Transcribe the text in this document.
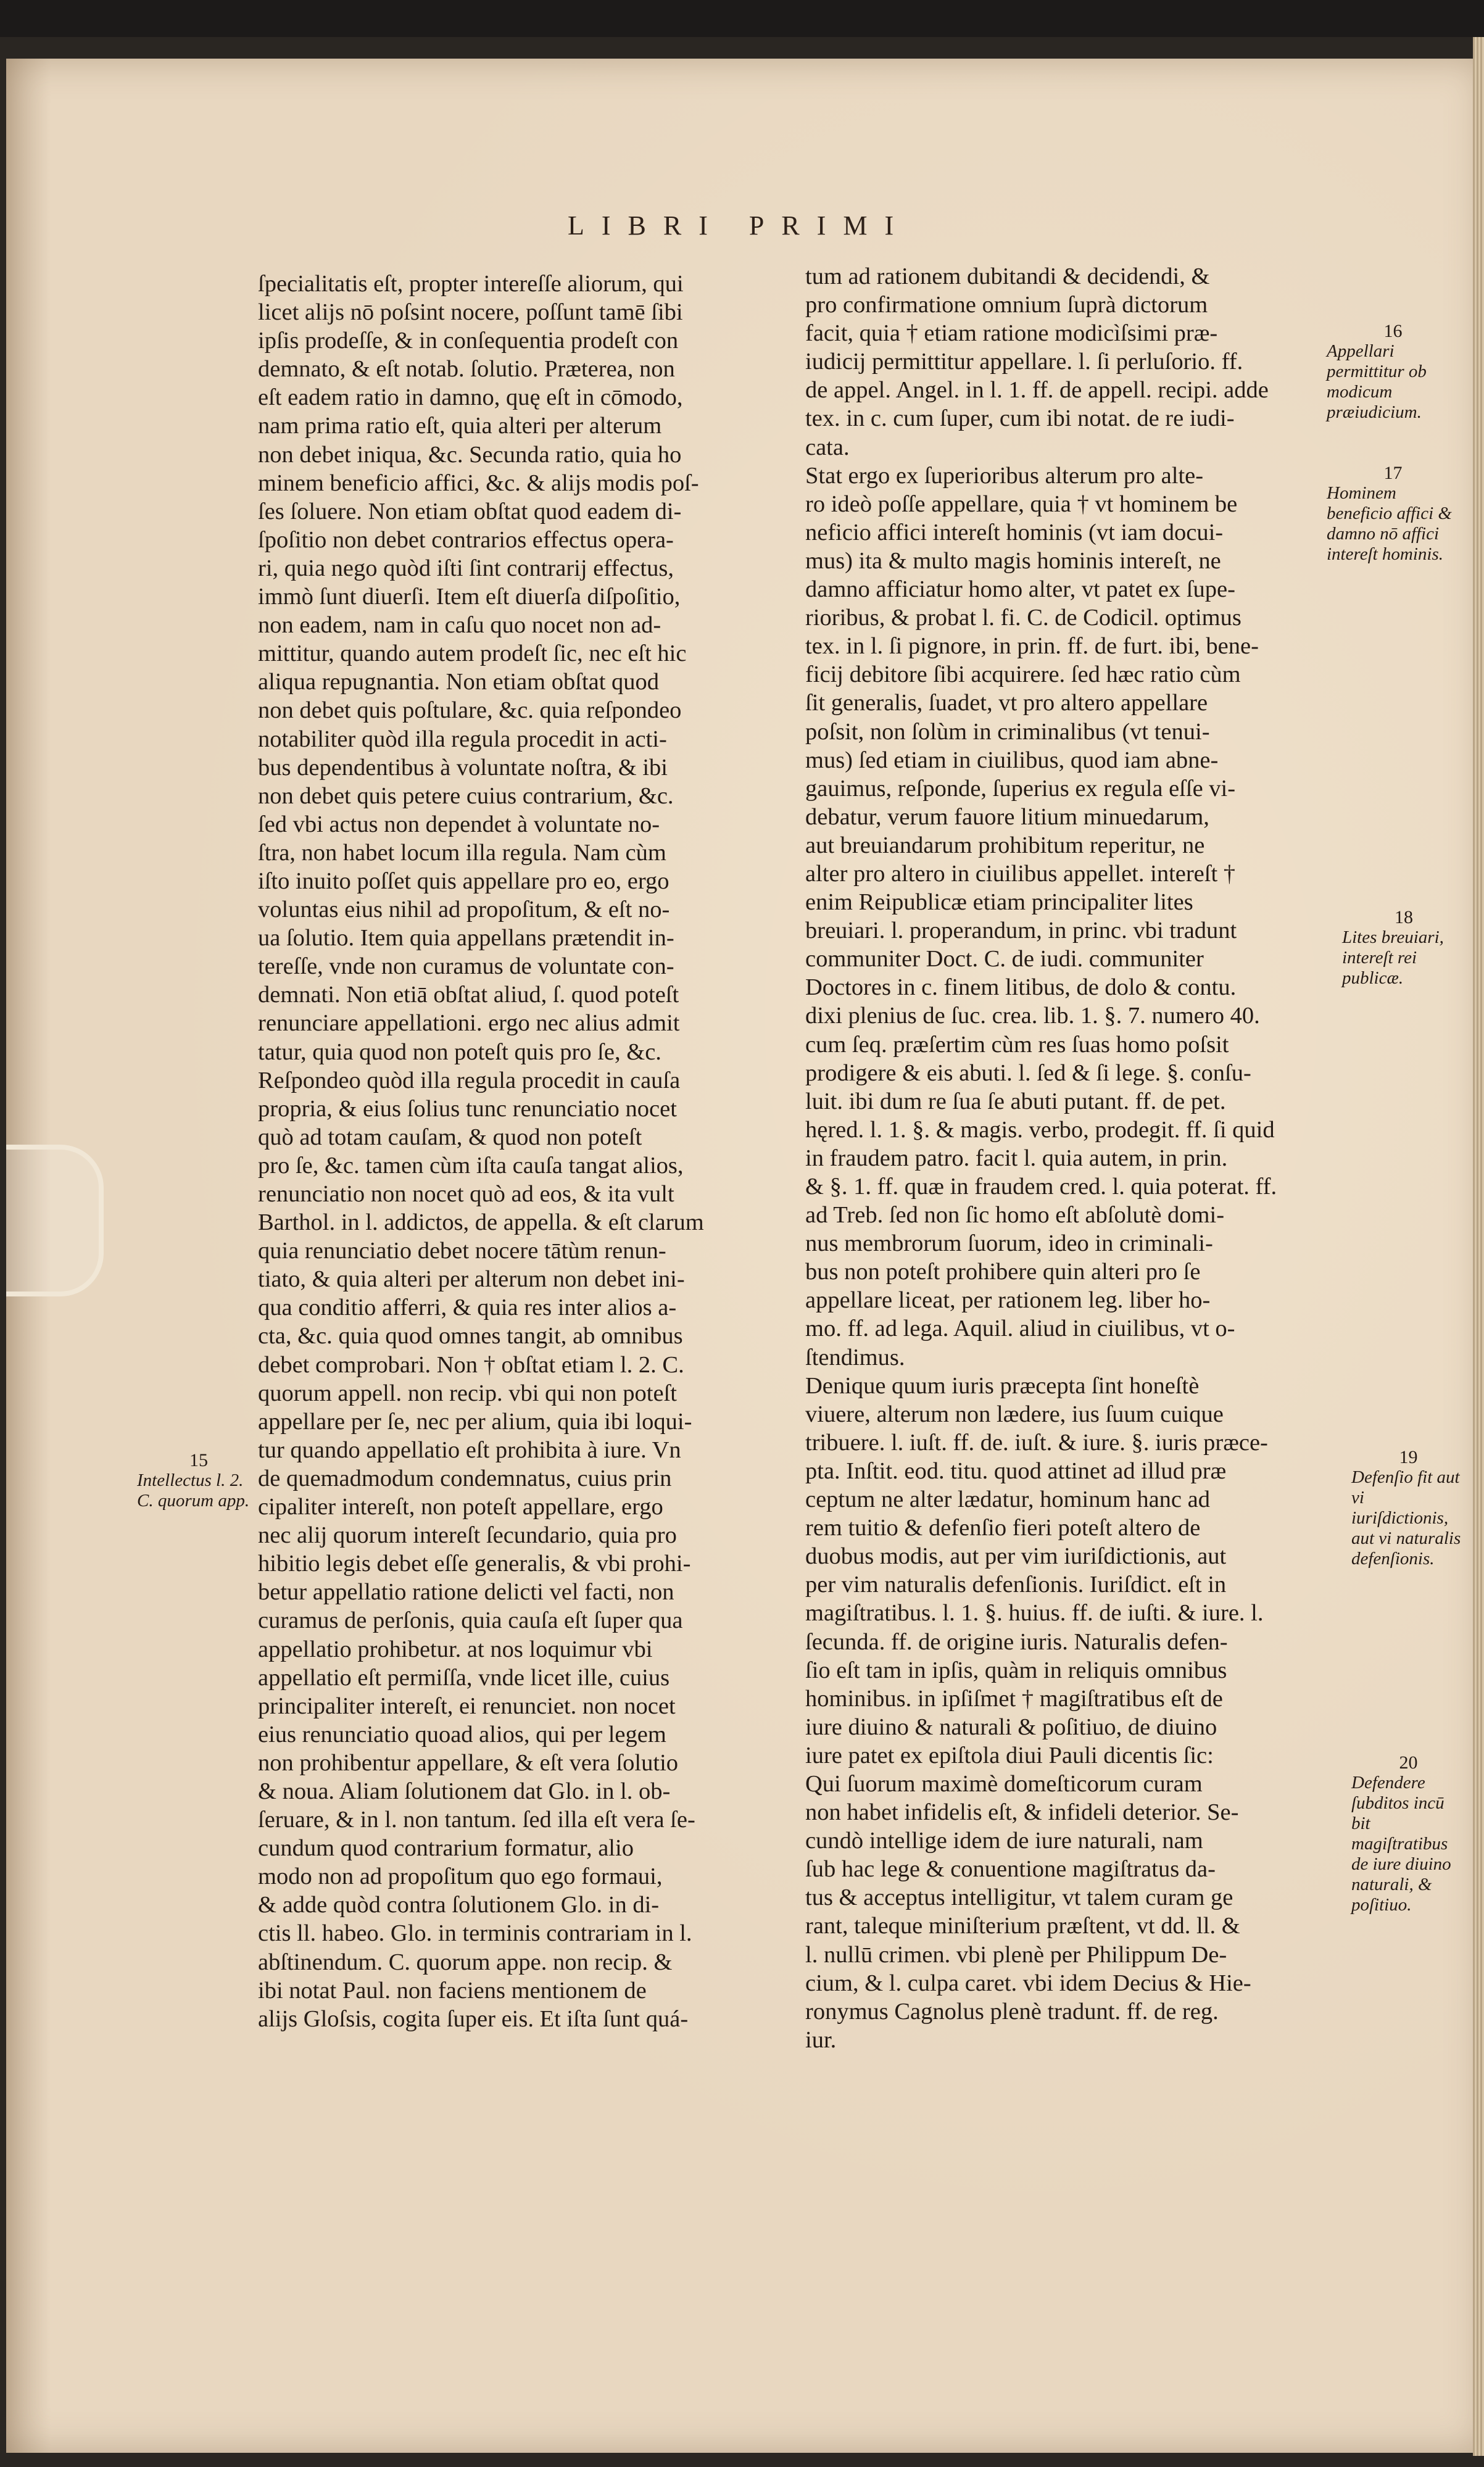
LIBRI PRIMI

ſpecialitatis eſt, propter intereſſe aliorum, qui

licet alijs nō poſsint nocere, poſſunt tamē ſibi

ipſis prodeſſe, & in conſequentia prodeſt con

demnato, & eſt notab. ſolutio. Præterea, non

eſt eadem ratio in damno, quę eſt in cōmodo,

nam prima ratio eſt, quia alteri per alterum

non debet iniqua, &c. Secunda ratio, quia ho

minem beneficio affici, &c. & alijs modis poſ-

ſes ſoluere. Non etiam obſtat quod eadem di-

ſpoſitio non debet contrarios effectus opera-

ri, quia nego quòd iſti ſint contrarij effectus,

immò ſunt diuerſi. Item eſt diuerſa diſpoſitio,

non eadem, nam in caſu quo nocet non ad-

mittitur, quando autem prodeſt ſic, nec eſt hic

aliqua repugnantia. Non etiam obſtat quod

non debet quis poſtulare, &c. quia reſpondeo

notabiliter quòd illa regula procedit in acti-

bus dependentibus à voluntate noſtra, & ibi

non debet quis petere cuius contrarium, &c.

ſed vbi actus non dependet à voluntate no-

ſtra, non habet locum illa regula. Nam cùm

iſto inuito poſſet quis appellare pro eo, ergo

voluntas eius nihil ad propoſitum, & eſt no-

ua ſolutio. Item quia appellans prætendit in-

tereſſe, vnde non curamus de voluntate con-

demnati. Non etiā obſtat aliud, ſ. quod poteſt

renunciare appellationi. ergo nec alius admit

tatur, quia quod non poteſt quis pro ſe, &c.

Reſpondeo quòd illa regula procedit in cauſa

propria, & eius ſolius tunc renunciatio nocet

quò ad totam cauſam, & quod non poteſt

pro ſe, &c. tamen cùm iſta cauſa tangat alios,

renunciatio non nocet quò ad eos, & ita vult

Barthol. in l. addictos, de appella. & eſt clarum

quia renunciatio debet nocere tātùm renun-

tiato, & quia alteri per alterum non debet ini-

qua conditio afferri, & quia res inter alios a-

cta, &c. quia quod omnes tangit, ab omnibus

debet comprobari. Non † obſtat etiam l. 2. C.

quorum appell. non recip. vbi qui non poteſt

appellare per ſe, nec per alium, quia ibi loqui-

tur quando appellatio eſt prohibita à iure. Vn

de quemadmodum condemnatus, cuius prin

cipaliter intereſt, non poteſt appellare, ergo

nec alij quorum intereſt ſecundario, quia pro

hibitio legis debet eſſe generalis, & vbi prohi-

betur appellatio ratione delicti vel facti, non

curamus de perſonis, quia cauſa eſt ſuper qua

appellatio prohibetur. at nos loquimur vbi

appellatio eſt permiſſa, vnde licet ille, cuius

principaliter intereſt, ei renunciet. non nocet

eius renunciatio quoad alios, qui per legem

non prohibentur appellare, & eſt vera ſolutio

& noua. Aliam ſolutionem dat Glo. in l. ob-

ſeruare, & in l. non tantum. ſed illa eſt vera ſe-

cundum quod contrarium formatur, alio

modo non ad propoſitum quo ego formaui,

& adde quòd contra ſolutionem Glo. in di-

ctis ll. habeo. Glo. in terminis contrariam in l.

abſtinendum. C. quorum appe. non recip. &

ibi notat Paul. non faciens mentionem de

alijs Gloſsis, cogita ſuper eis. Et iſta ſunt quá-

tum ad rationem dubitandi & decidendi, &

pro confirmatione omnium ſuprà dictorum

facit, quia † etiam ratione modicìſsimi præ-

iudicij permittitur appellare. l. ſi perluſorio. ff.

de appel. Angel. in l. 1. ff. de appell. recipi. adde

tex. in c. cum ſuper, cum ibi notat. de re iudi-

cata.

Stat ergo ex ſuperioribus alterum pro alte-

ro ideò poſſe appellare, quia † vt hominem be

neficio affici intereſt hominis (vt iam docui-

mus) ita & multo magis hominis intereſt, ne

damno afficiatur homo alter, vt patet ex ſupe-

rioribus, & probat l. fi. C. de Codicil. optimus

tex. in l. ſi pignore, in prin. ff. de furt. ibi, bene-

ficij debitore ſibi acquirere. ſed hæc ratio cùm

ſit generalis, ſuadet, vt pro altero appellare

poſsit, non ſolùm in criminalibus (vt tenui-

mus) ſed etiam in ciuilibus, quod iam abne-

gauimus, reſponde, ſuperius ex regula eſſe vi-

debatur, verum fauore litium minuedarum,

aut breuiandarum prohibitum reperitur, ne

alter pro altero in ciuilibus appellet. intereſt †

enim Reipublicæ etiam principaliter lites

breuiari. l. properandum, in princ. vbi tradunt

communiter Doct. C. de iudi. communiter

Doctores in c. finem litibus, de dolo & contu.

dixi plenius de ſuc. crea. lib. 1. §. 7. numero 40.

cum ſeq. præſertim cùm res ſuas homo poſsit

prodigere & eis abuti. l. ſed & ſi lege. §. conſu-

luit. ibi dum re ſua ſe abuti putant. ff. de pet.

hęred. l. 1. §. & magis. verbo, prodegit. ff. ſi quid

in fraudem patro. facit l. quia autem, in prin.

& §. 1. ff. quæ in fraudem cred. l. quia poterat. ff.

ad Treb. ſed non ſic homo eſt abſolutè domi-

nus membrorum ſuorum, ideo in criminali-

bus non poteſt prohibere quin alteri pro ſe

appellare liceat, per rationem leg. liber ho-

mo. ff. ad lega. Aquil. aliud in ciuilibus, vt o-

ſtendimus.

Denique quum iuris præcepta ſint honeſtè

viuere, alterum non lædere, ius ſuum cuique

tribuere. l. iuſt. ff. de. iuſt. & iure. §. iuris præce-

pta. Inſtit. eod. titu. quod attinet ad illud præ

ceptum ne alter lædatur, hominum hanc ad

rem tuitio & defenſio fieri poteſt altero de

duobus modis, aut per vim iuriſdictionis, aut

per vim naturalis defenſionis. Iuriſdict. eſt in

magiſtratibus. l. 1. §. huius. ff. de iuſti. & iure. l.

ſecunda. ff. de origine iuris. Naturalis defen-

ſio eſt tam in ipſis, quàm in reliquis omnibus

hominibus. in ipſiſmet † magiſtratibus eſt de

iure diuino & naturali & poſitiuo, de diuino

iure patet ex epiſtola diui Pauli dicentis ſic:

Qui ſuorum maximè domeſticorum curam

non habet infidelis eſt, & infideli deterior. Se-

cundò intellige idem de iure naturali, nam

ſub hac lege & conuentione magiſtratus da-

tus & acceptus intelligitur, vt talem curam ge

rant, taleque miniſterium præſtent, vt dd. ll. &

l. nullū crimen. vbi plenè per Philippum De-

cium, & l. culpa caret. vbi idem Decius & Hie-

ronymus Cagnolus plenè tradunt. ff. de reg.

iur.

15
Intellectus l. 2. C. quorum app.
16
Appellari permittitur ob modicum præiudicium.
17
Hominem beneficio affici & damno nō affici intereſt hominis.
18
Lites breuiari, intereſt rei publicæ.
19
Defenſio fit aut vi iuriſdictionis, aut vi naturalis defenſionis.
20
Defendere ſubditos incū bit magiſtratibus de iure diuino naturali, & poſitiuo.
